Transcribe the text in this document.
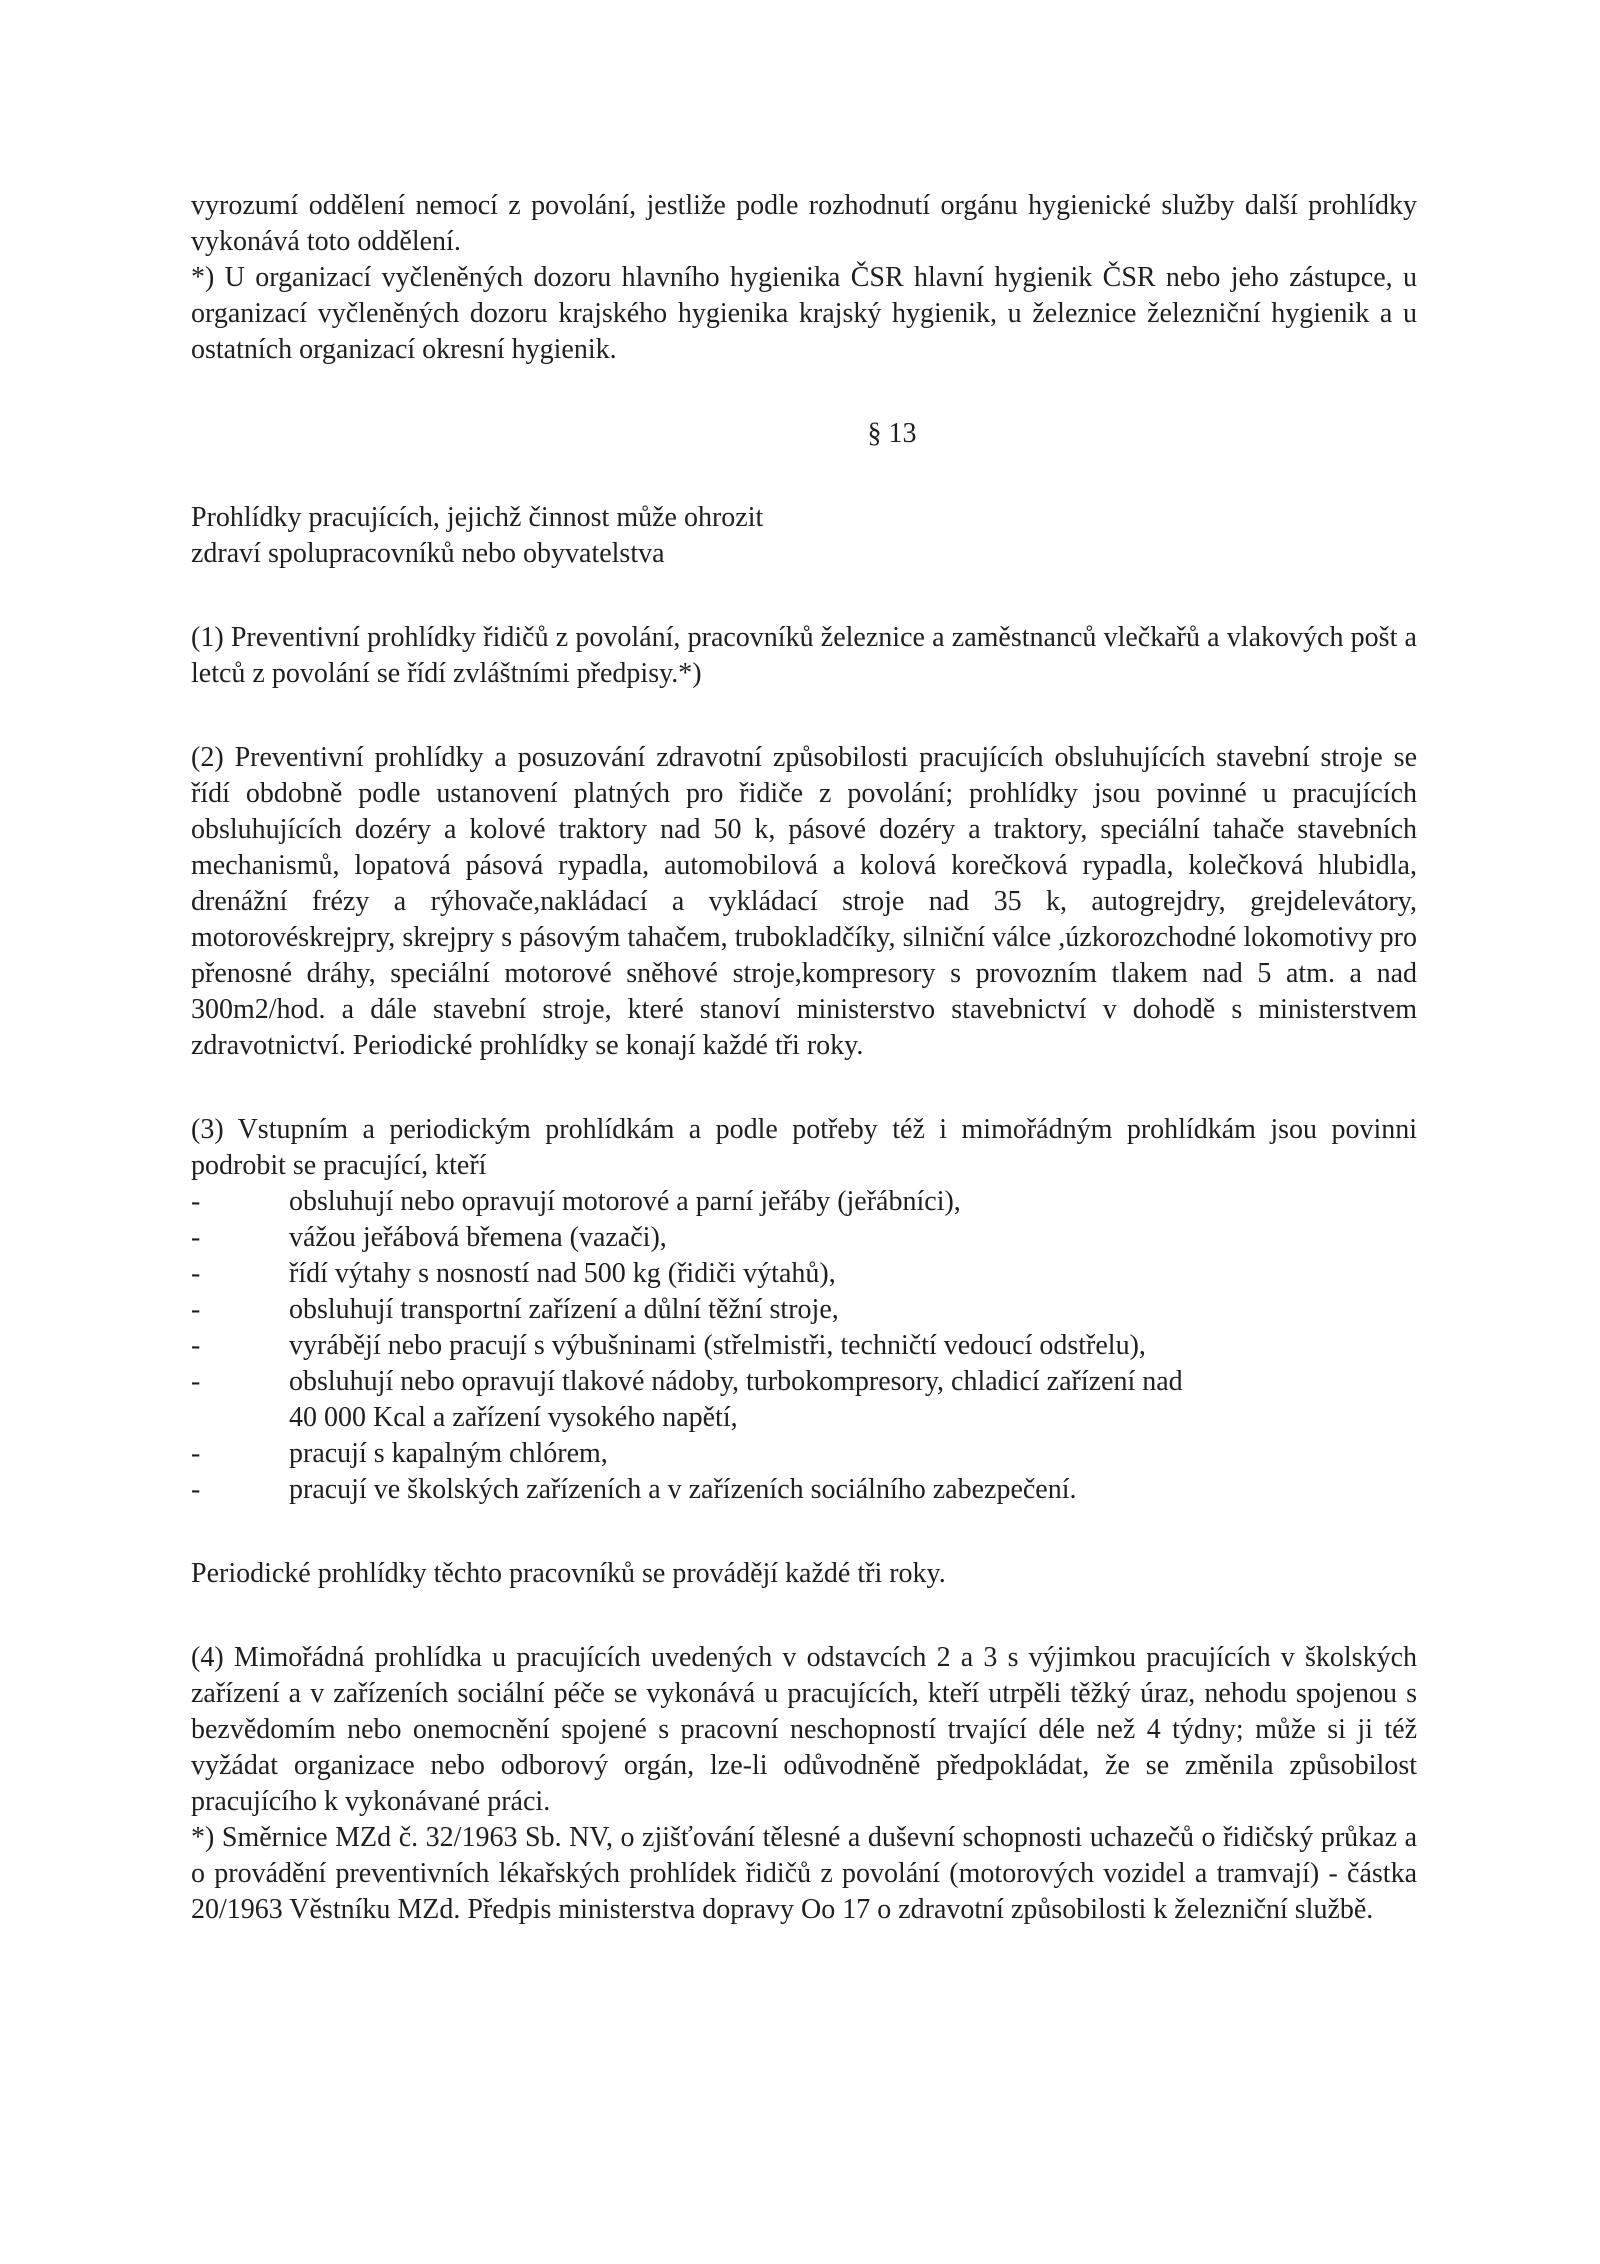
vyrozumí oddělení nemocí z povolání, jestliže podle rozhodnutí orgánu hygienické služby další prohlídky vykonává toto oddělení.

*) U organizací vyčleněných dozoru hlavního hygienika ČSR hlavní hygienik ČSR nebo jeho zástupce, u organizací vyčleněných dozoru krajského hygienika krajský hygienik, u železnice železniční hygienik a u ostatních organizací okresní hygienik.

§ 13

Prohlídky pracujících, jejichž činnost může ohrozit
zdraví spolupracovníků nebo obyvatelstva

(1) Preventivní prohlídky řidičů z povolání, pracovníků železnice a zaměstnanců vlečkařů a vlakových pošt a letců z povolání se řídí zvláštními předpisy.*)

(2) Preventivní prohlídky a posuzování zdravotní způsobilosti pracujících obsluhujících stavební stroje se řídí obdobně podle ustanovení platných pro řidiče z povolání; prohlídky jsou povinné u pracujících obsluhujících dozéry a kolové traktory nad 50 k, pásové dozéry a traktory, speciální tahače stavebních mechanismů, lopatová pásová rypadla, automobilová a kolová korečková rypadla, kolečková hlubidla, drenážní frézy a rýhovače,nakládací a vykládací stroje nad 35 k, autogrejdry, grejdelevátory, motorovéskrejpry, skrejpry s pásovým tahačem, trubokladčíky, silniční válce ,úzkorozchodné lokomotivy pro přenosné dráhy, speciální motorové sněhové stroje,kompresory s provozním tlakem nad 5 atm. a nad 300m2/hod. a dále stavební stroje, které stanoví ministerstvo stavebnictví v dohodě s ministerstvem zdravotnictví. Periodické prohlídky se konají každé tři roky.

(3) Vstupním a periodickým prohlídkám a podle potřeby též i mimořádným prohlídkám jsou povinni podrobit se pracující, kteří

-	obsluhují nebo opravují motorové a parní jeřáby (jeřábníci),
-	vážou jeřábová břemena (vazači),
-	řídí výtahy s nosností nad 500 kg (řidiči výtahů),
-	obsluhují transportní zařízení a důlní těžní stroje,
-	vyrábějí nebo pracují s výbušninami (střelmistři, techničtí vedoucí odstřelu),
-	obsluhují nebo opravují tlakové nádoby, turbokompresory, chladicí zařízení nad
40 000 Kcal a zařízení vysokého napětí,
-	pracují s kapalným chlórem,
-	pracují ve školských zařízeních a v zařízeních sociálního zabezpečení.

Periodické prohlídky těchto pracovníků se provádějí každé tři roky.

(4) Mimořádná prohlídka u pracujících uvedených v odstavcích 2 a 3 s výjimkou pracujících v školských zařízení a v zařízeních sociální péče se vykonává u pracujících, kteří utrpěli těžký úraz, nehodu spojenou s bezvědomím nebo onemocnění spojené s pracovní neschopností trvající déle než 4 týdny; může si ji též vyžádat organizace nebo odborový orgán, lze-li odůvodněně předpokládat, že se změnila způsobilost pracujícího k vykonávané práci.

*) Směrnice MZd č. 32/1963 Sb. NV, o zjišťování tělesné a duševní schopnosti uchazečů o řidičský průkaz a o provádění preventivních lékařských prohlídek řidičů z povolání (motorových vozidel a tramvají) - částka 20/1963 Věstníku MZd. Předpis ministerstva dopravy Oo 17 o zdravotní způsobilosti k železniční službě.
